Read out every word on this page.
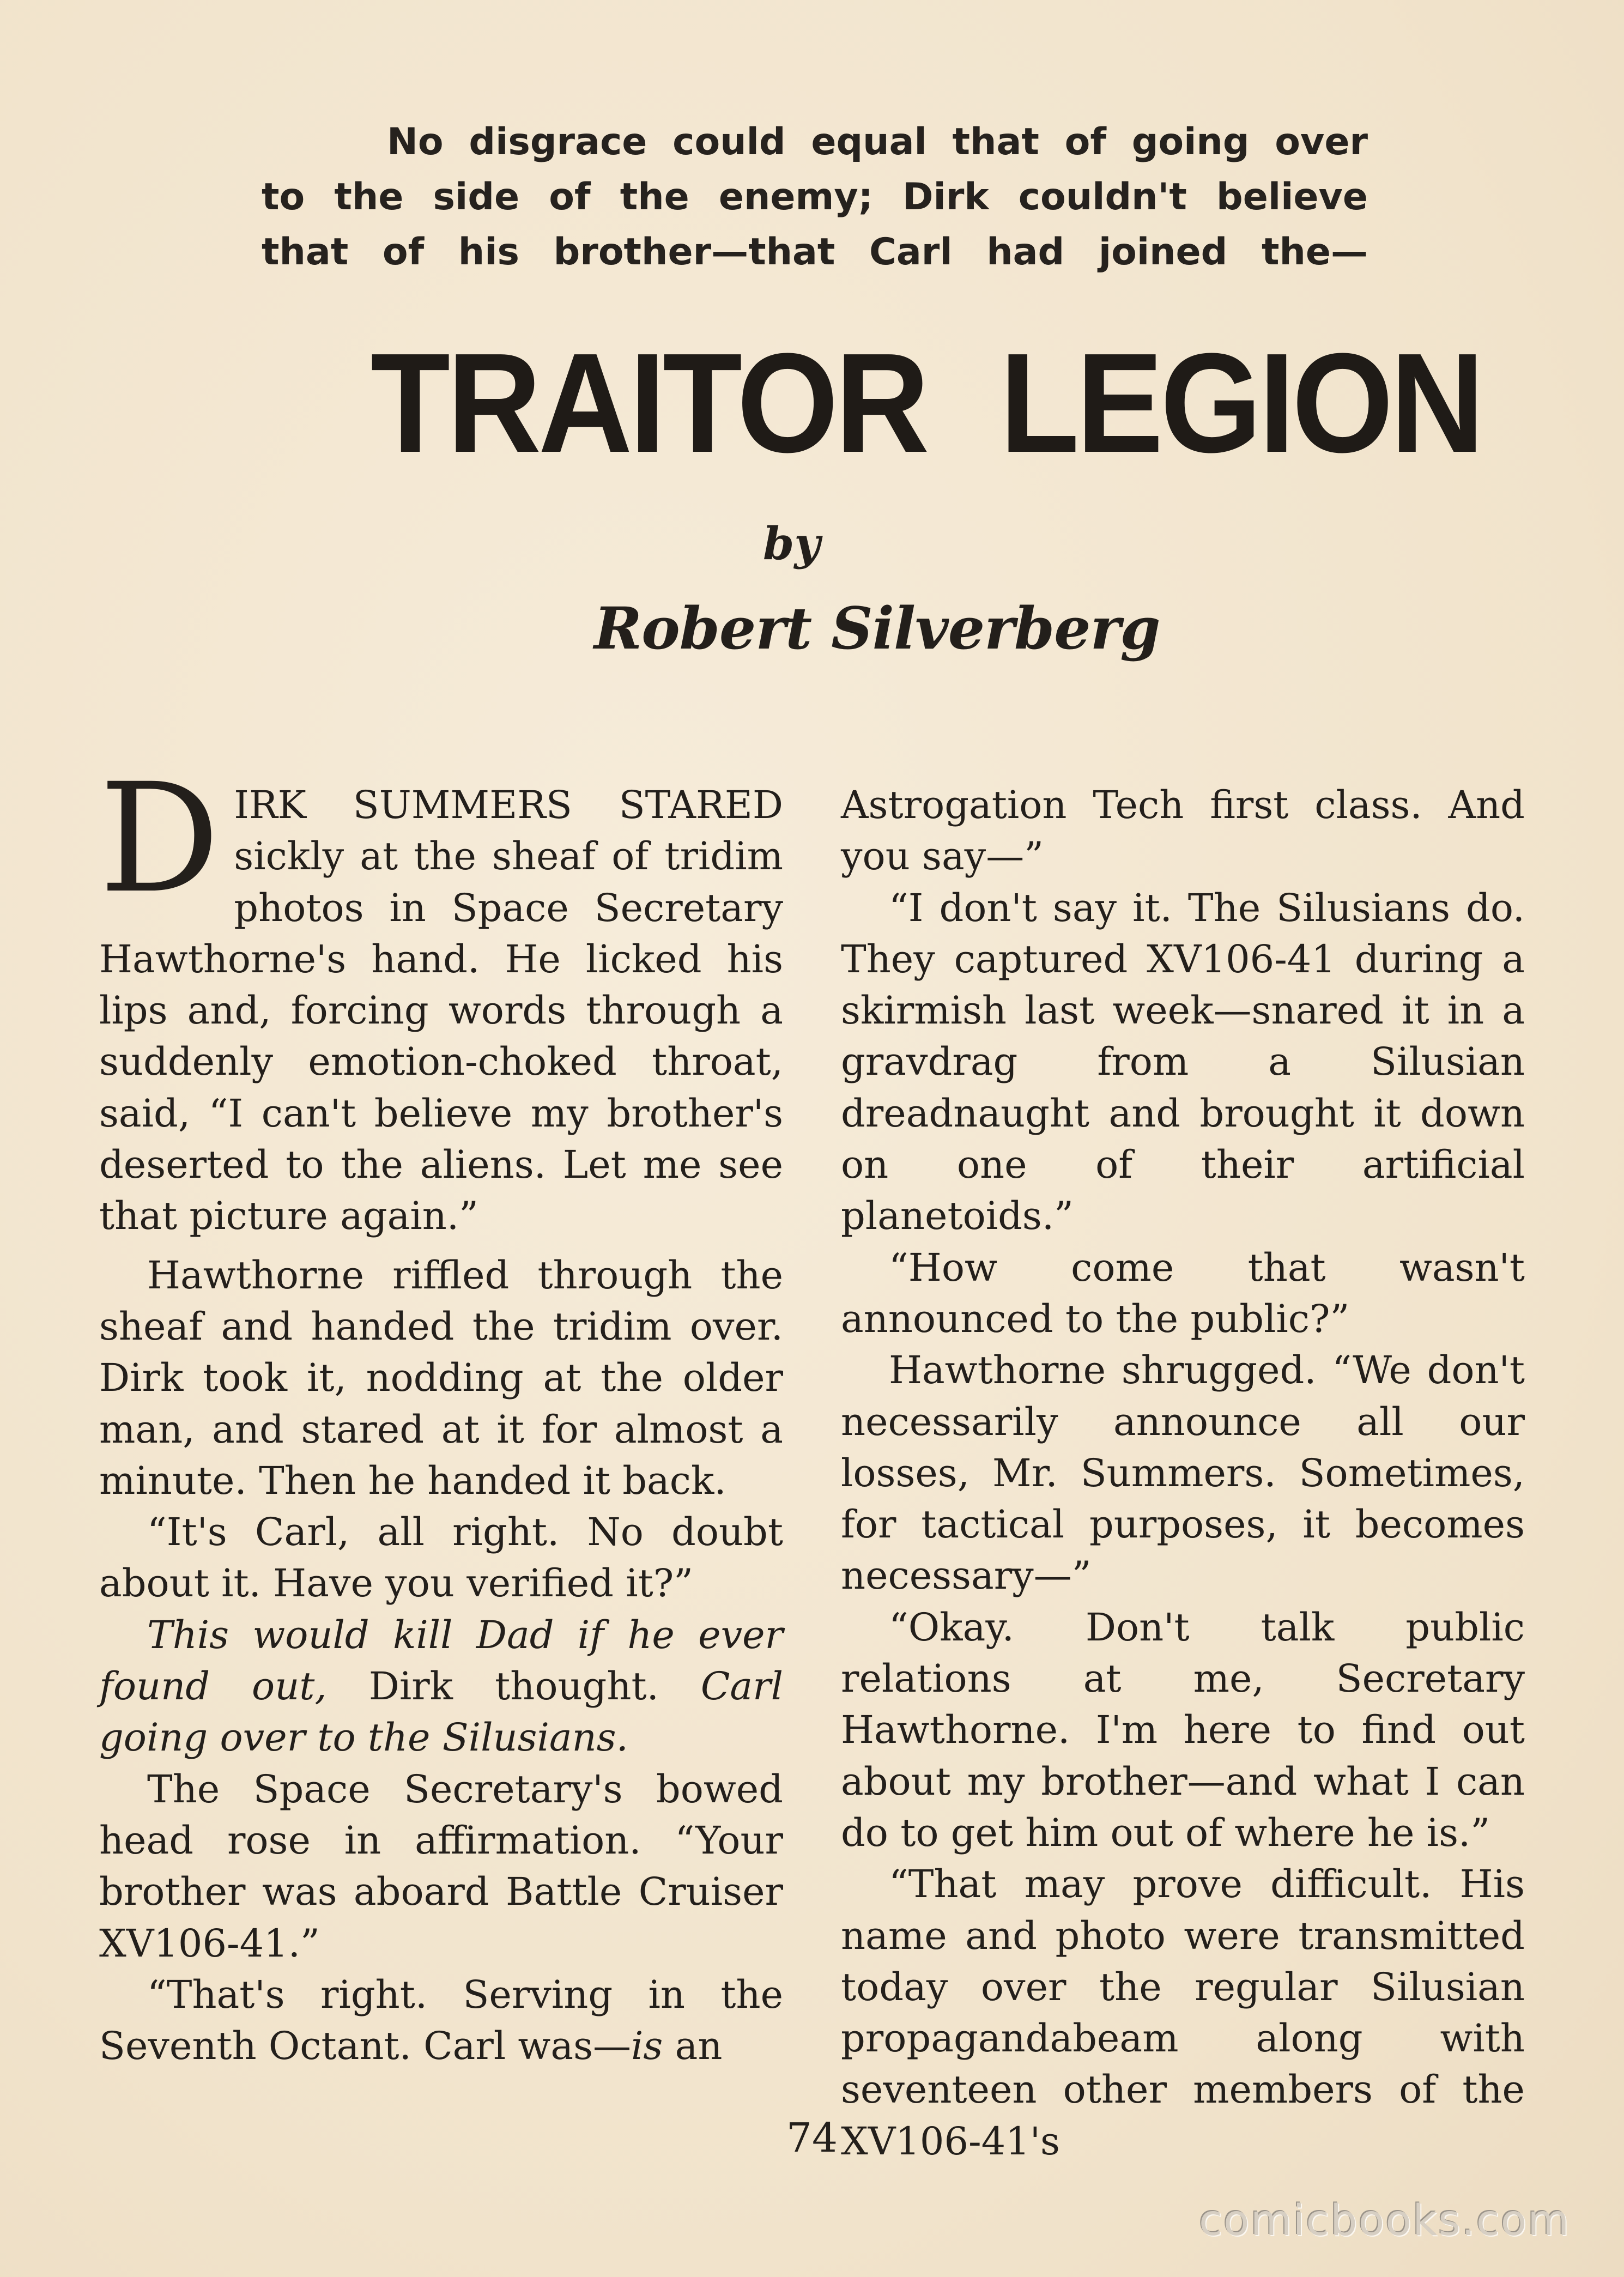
No disgrace could equal that of going over
to the side of the enemy; Dirk couldn't believe
that of his brother—that Carl had joined the—
TRAITOR LEGION
by
Robert Silverberg

DIRK SUMMERS STARED sickly at the sheaf of tridim photos in Space Secretary Hawthorne's hand. He licked his lips and, forcing words through a suddenly emotion-choked throat, said, “I can't believe my brother's deserted to the aliens. Let me see that picture again.”

Hawthorne riffled through the sheaf and handed the tridim over. Dirk took it, nodding at the older man, and stared at it for almost a minute. Then he handed it back.

“It's Carl, all right. No doubt about it. Have you verified it?”

This would kill Dad if he ever found out, Dirk thought. Carl going over to the Silusians.

The Space Secretary's bowed head rose in affirmation. “Your brother was aboard Battle Cruiser XV106-41.”

“That's right. Serving in the Seventh Octant. Carl was—is an

Astrogation Tech first class. And you say—”

“I don't say it. The Silusians do. They captured XV106-41 during a skirmish last week—snared it in a gravdrag from a Silusian dreadnaught and brought it down on one of their artificial planetoids.”

“How come that wasn't announced to the public?”

Hawthorne shrugged. “We don't necessarily announce all our losses, Mr. Summers. Sometimes, for tactical purposes, it becomes necessary—”

“Okay. Don't talk public relations at me, Secretary Hawthorne. I'm here to find out about my brother—and what I can do to get him out of where he is.”

“That may prove difficult. His name and photo were transmitted today over the regular Silusian propagandabeam along with seventeen other members of the XV106-41's

74
comicbooks.com
